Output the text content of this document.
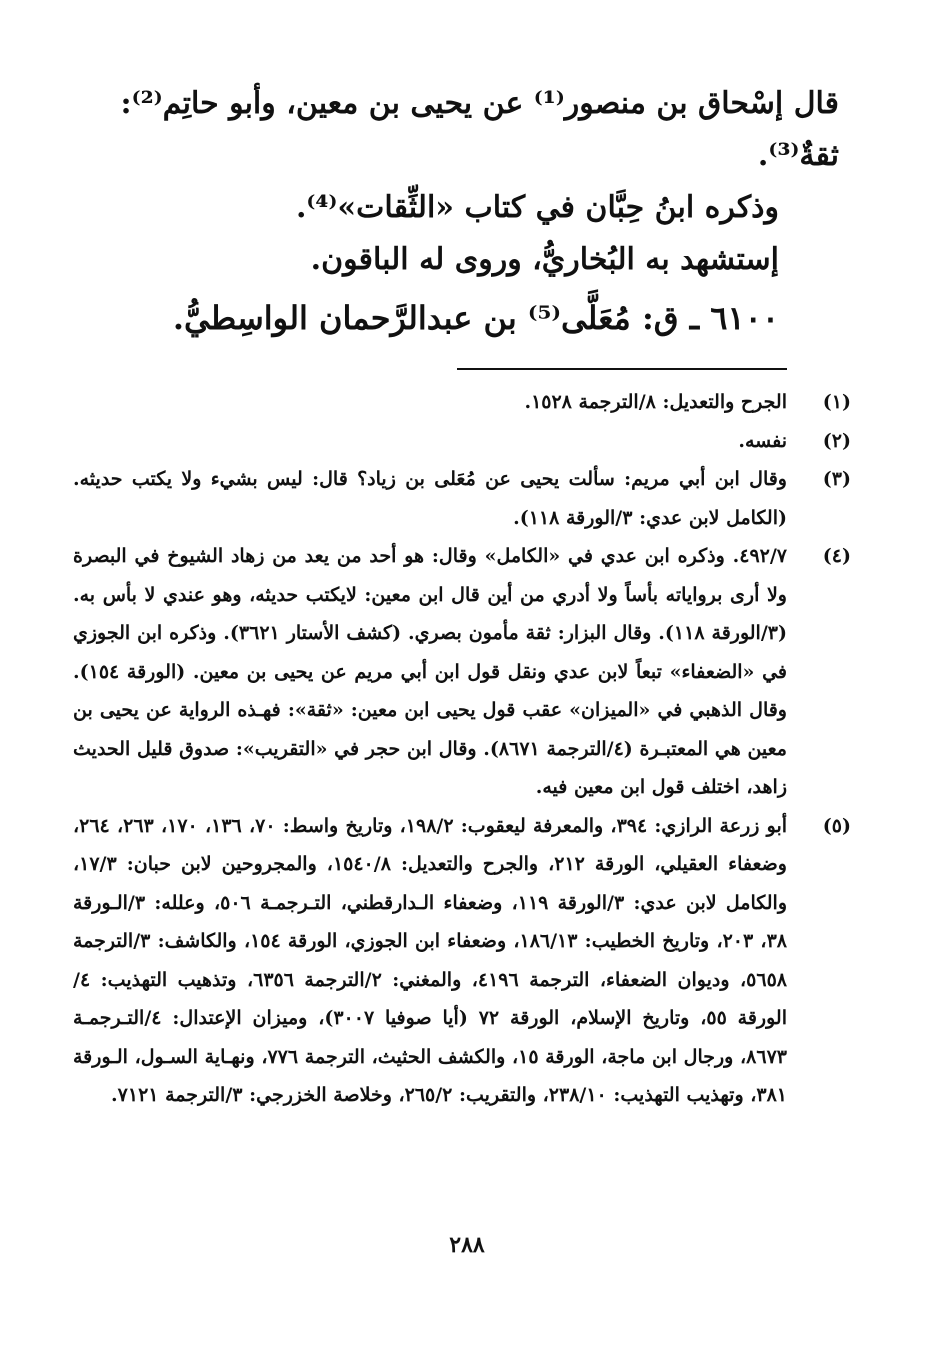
قال إسْحاق بن منصور⁽¹⁾ عن يحيى بن معين، وأبو حاتِم⁽²⁾:

ثقةٌ⁽³⁾.

وذكره ابنُ حِبَّان في كتاب «الثِّقات»⁽⁴⁾.

إستشهد به البُخاريُّ، وروى له الباقون.

٦١٠٠ ـ ق: مُعَلَّى⁽⁵⁾ بن عبدالرَّحمان الواسِطيُّ.

(١)
الجرح والتعديل: ٨/الترجمة ١٥٢٨.
(٢)
نفسه.
(٣)
وقال ابن أبي مريم: سألت يحيى عن مُعَلى بن زياد؟ قال: ليس بشيء ولا يكتب حديثه. (الكامل لابن عدي: ٣/الورقة ١١٨).
(٤)
٤٩٢/٧. وذكره ابن عدي في «الكامل» وقال: هو أحد من يعد من زهاد الشيوخ في البصرة ولا أرى برواياته بأساً ولا أدري من أين قال ابن معين: لايكتب حديثه، وهو عندي لا بأس به. (٣/الورقة ١١٨). وقال البزار: ثقة مأمون بصري. (كشف الأستار ٣٦٢١). وذكره ابن الجوزي في «الضعفاء» تبعاً لابن عدي ونقل قول ابن أبي مريم عن يحيى بن معين. (الورقة ١٥٤). وقال الذهبي في «الميزان» عقب قول يحيى ابن معين: «ثقة»: فهـذه الرواية عن يحيى بن معين هي المعتبـرة (٤/الترجمة ٨٦٧١). وقال ابن حجر في «التقريب»: صدوق قليل الحديث زاهد، اختلف قول ابن معين فيه.
(٥)
أبو زرعة الرازي: ٣٩٤، والمعرفة ليعقوب: ١٩٨/٢، وتاريخ واسط: ٧٠، ١٣٦، ١٧٠، ٢٦٣، ٢٦٤، وضعفاء العقيلي، الورقة ٢١٢، والجرح والتعديل: ١٥٤٠/٨، والمجروحين لابن حبان: ١٧/٣، والكامل لابن عدي: ٣/الورقة ١١٩، وضعفاء الـدارقطني، التـرجمـة ٥٠٦، وعلله: ٣/الـورقة ٣٨، ٢٠٣، وتاريخ الخطيب: ١٨٦/١٣، وضعفاء ابن الجوزي، الورقة ١٥٤، والكاشف: ٣/الترجمة ٥٦٥٨، وديوان الضعفاء، الترجمة ٤١٩٦، والمغني: ٢/الترجمة ٦٣٥٦، وتذهيب التهذيب: ٤/الورقة ٥٥، وتاريخ الإسلام، الورقة ٧٢ (أيا صوفيا ٣٠٠٧)، وميزان الإعتدال: ٤/التـرجمـة ٨٦٧٣، ورجال ابن ماجة، الورقة ١٥، والكشف الحثيث، الترجمة ٧٧٦، ونهـاية السـول، الـورقة ٣٨١، وتهذيب التهذيب: ٢٣٨/١٠، والتقريب: ٢٦٥/٢، وخلاصة الخزرجي: ٣/الترجمة ٧١٢١.
٢٨٨
